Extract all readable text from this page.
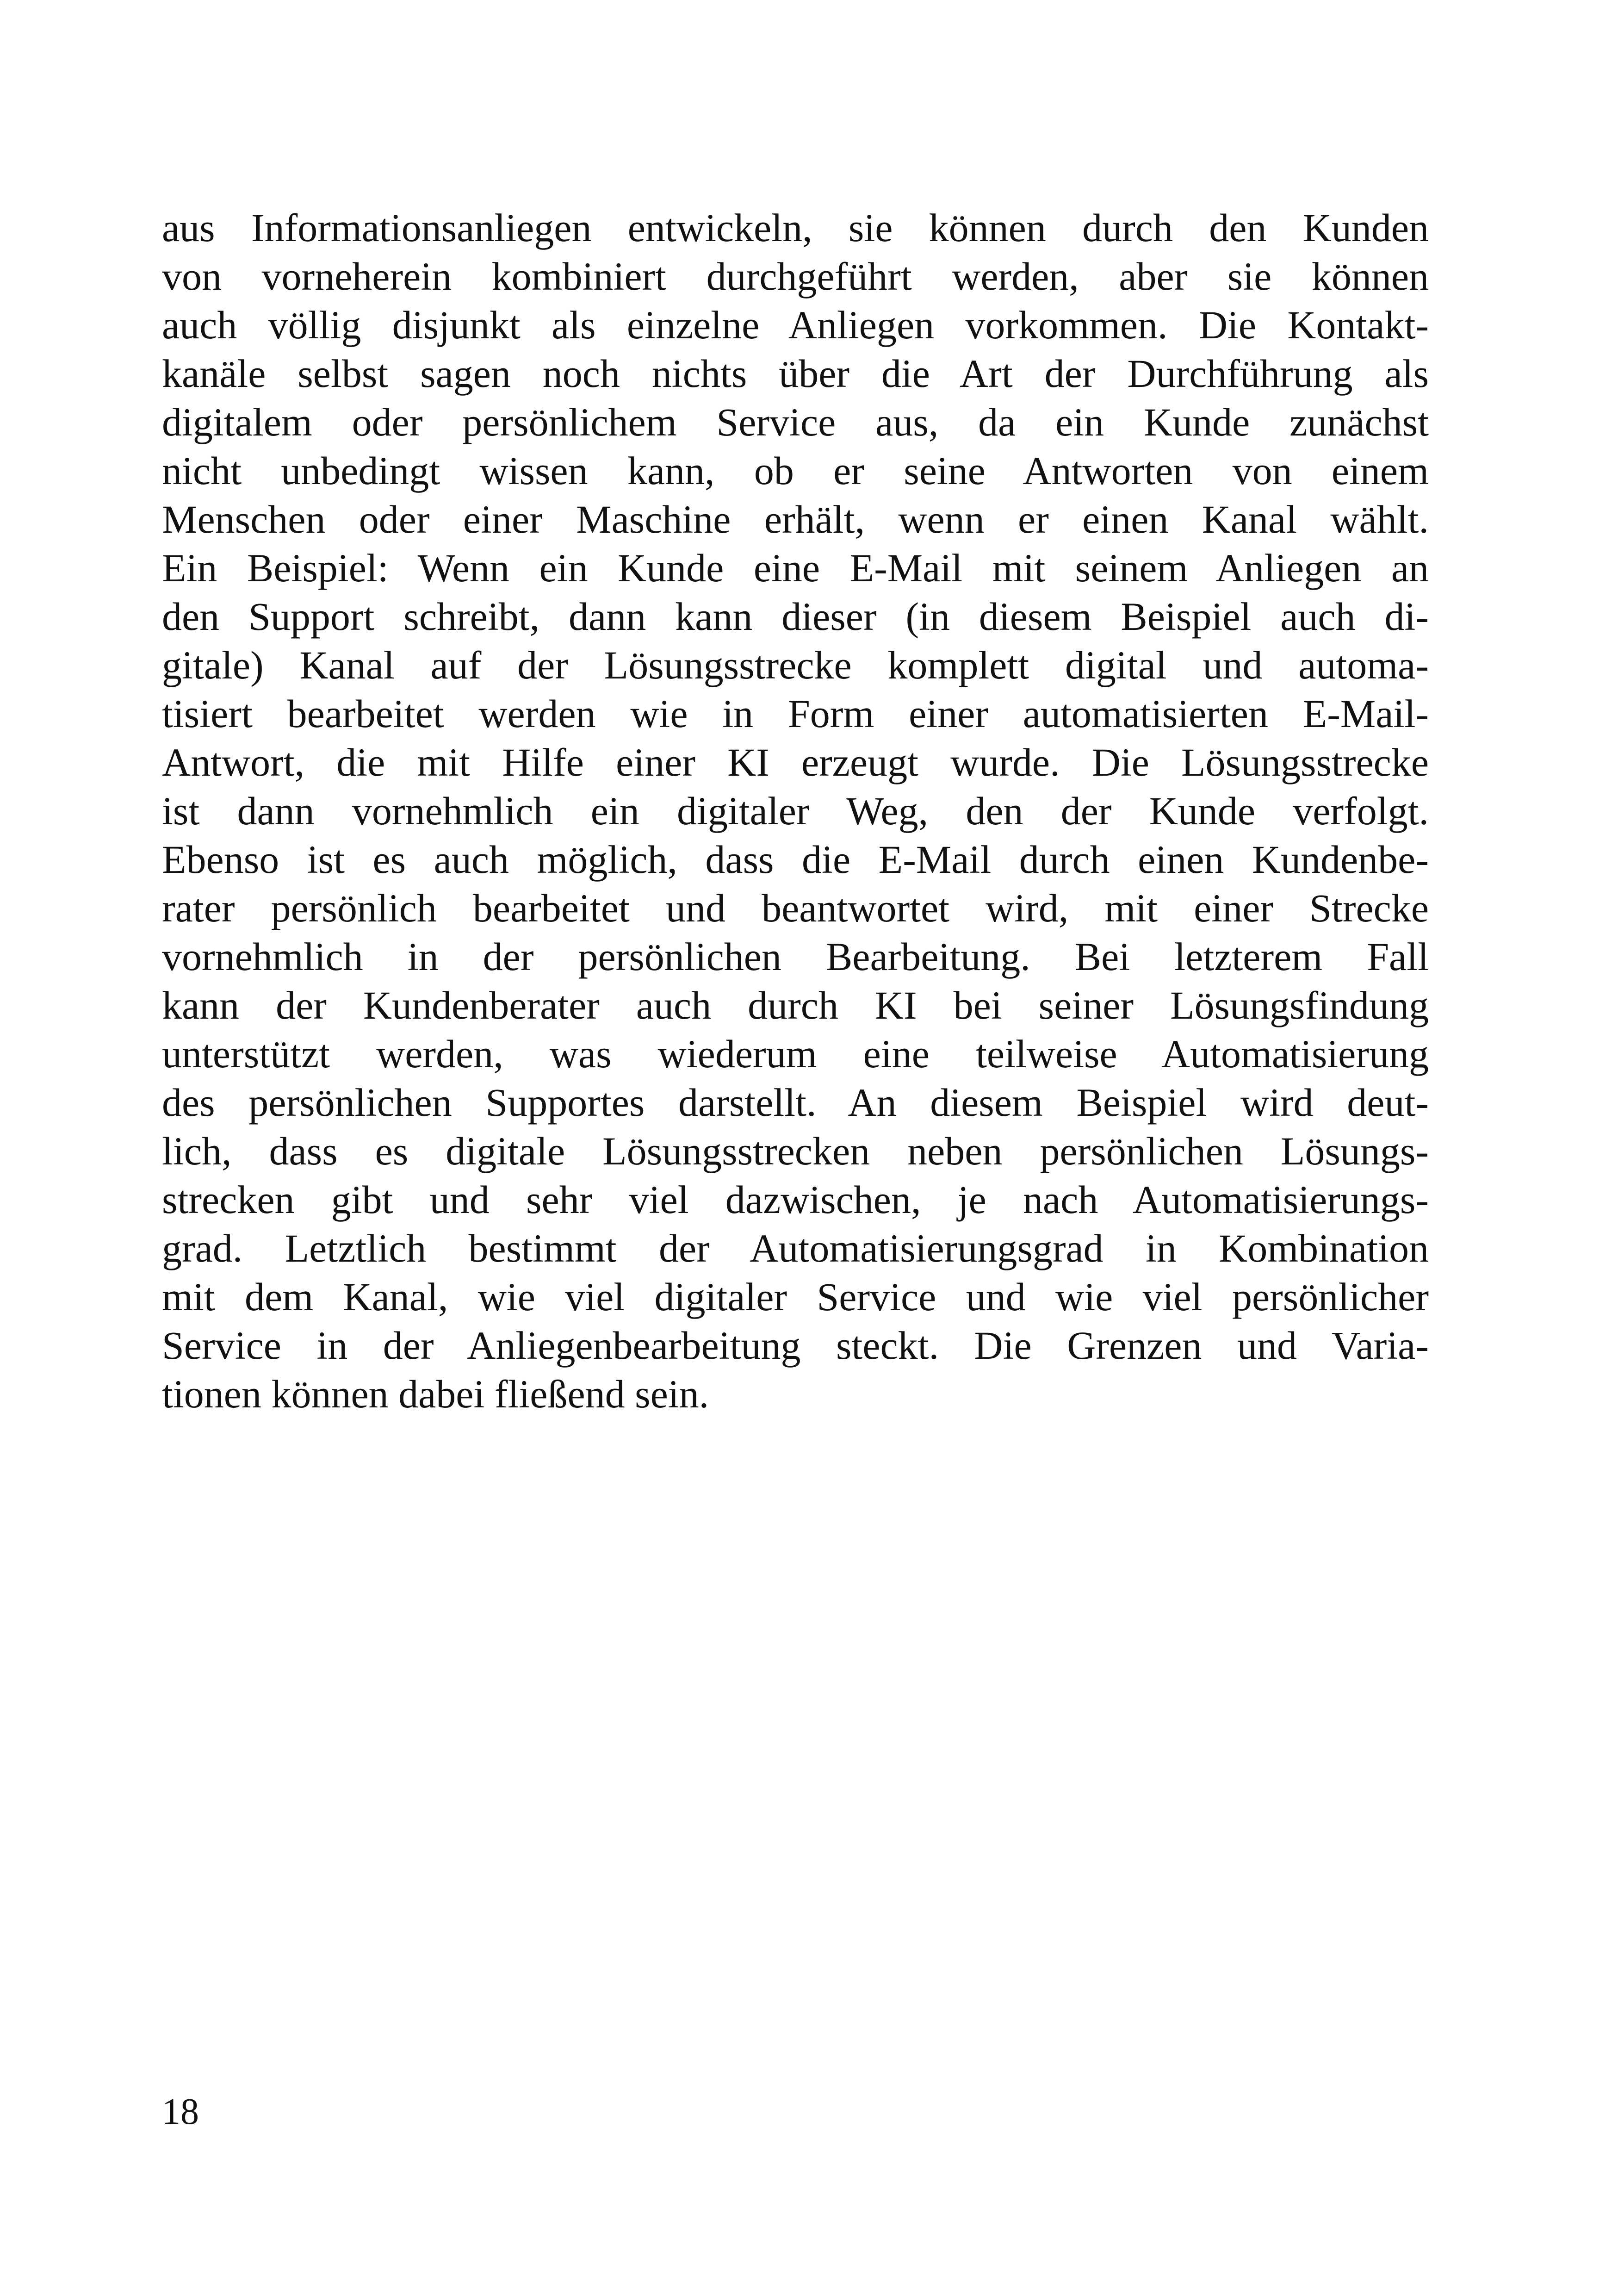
aus Informationsanliegen entwickeln, sie können durch den Kunden
von vorneherein kombiniert durchgeführt werden, aber sie können
auch völlig disjunkt als einzelne Anliegen vorkommen. Die Kontakt-
kanäle selbst sagen noch nichts über die Art der Durchführung als
digitalem oder persönlichem Service aus, da ein Kunde zunächst
nicht unbedingt wissen kann, ob er seine Antworten von einem
Menschen oder einer Maschine erhält, wenn er einen Kanal wählt.
Ein Beispiel: Wenn ein Kunde eine E-Mail mit seinem Anliegen an
den Support schreibt, dann kann dieser (in diesem Beispiel auch di-
gitale) Kanal auf der Lösungsstrecke komplett digital und automa-
tisiert bearbeitet werden wie in Form einer automatisierten E-Mail-
Antwort, die mit Hilfe einer KI erzeugt wurde. Die Lösungsstrecke
ist dann vornehmlich ein digitaler Weg, den der Kunde verfolgt.
Ebenso ist es auch möglich, dass die E-Mail durch einen Kundenbe-
rater persönlich bearbeitet und beantwortet wird, mit einer Strecke
vornehmlich in der persönlichen Bearbeitung. Bei letzterem Fall
kann der Kundenberater auch durch KI bei seiner Lösungsfindung
unterstützt werden, was wiederum eine teilweise Automatisierung
des persönlichen Supportes darstellt. An diesem Beispiel wird deut-
lich, dass es digitale Lösungsstrecken neben persönlichen Lösungs-
strecken gibt und sehr viel dazwischen, je nach Automatisierungs-
grad. Letztlich bestimmt der Automatisierungsgrad in Kombination
mit dem Kanal, wie viel digitaler Service und wie viel persönlicher
Service in der Anliegenbearbeitung steckt. Die Grenzen und Varia-
tionen können dabei fließend sein.

18
